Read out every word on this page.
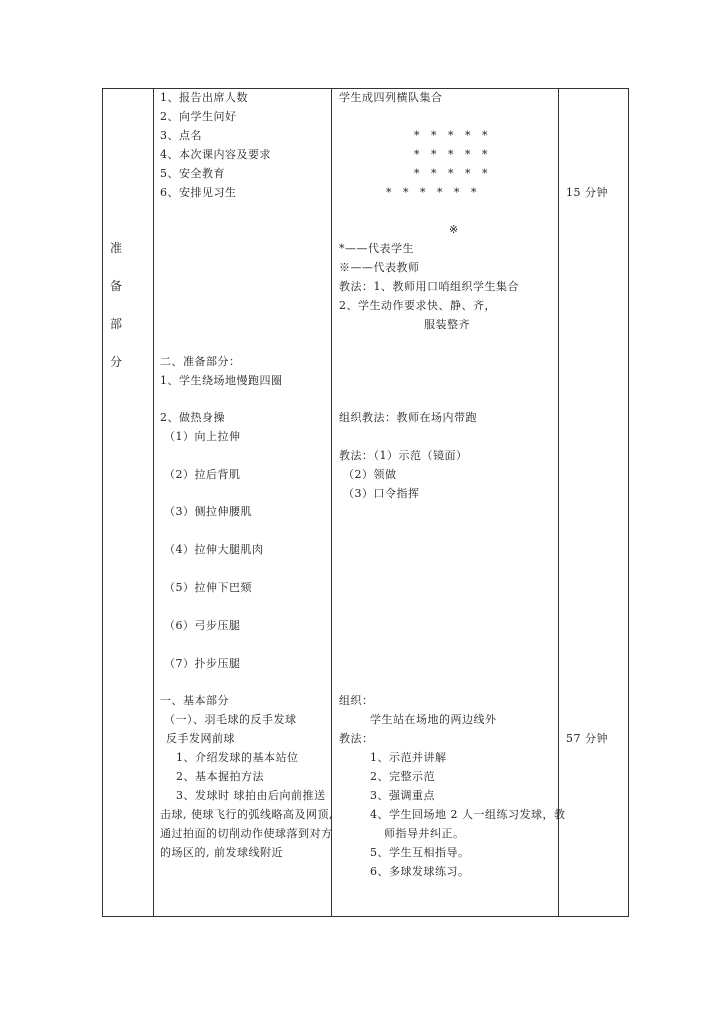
准
备
部
分
1、报告出席人数
2、向学生问好
3、点名
4、本次课内容及要求
5、安全教育
6、安排见习生
二、准备部分：
1、学生绕场地慢跑四圈
2、做热身操
（1）向上拉伸
（2）拉后背肌
（3）侧拉伸腰肌
（4）拉伸大腿肌肉
（5）拉伸下巴颏
（6）弓步压腿
（7）扑步压腿
一、基本部分
（一）、羽毛球的反手发球
反手发网前球
1、介绍发球的基本站位
2、基本握拍方法
3、发球时 球拍由后向前推送
击球, 使球飞行的弧线略高及网顶,
通过拍面的切削动作使球落到对方
的场区的, 前发球线附近
学生成四列横队集合
* * * * *
* * * * *
* * * * *
* * * * * *
※
*——代表学生
※——代表教师
教法：1、教师用口哨组织学生集合
2、学生动作要求快、静、齐，
服装整齐
组织教法：教师在场内带跑
教法：（1）示范（镜面）
（2）领做
（3）口令指挥
组织：
学生站在场地的两边线外
教法：
1、示范并讲解
2、完整示范
3、强调重点
4、学生回场地 2 人一组练习发球，教
师指导并纠正。
5、学生互相指导。
6、多球发球练习。
15 分钟
57 分钟
